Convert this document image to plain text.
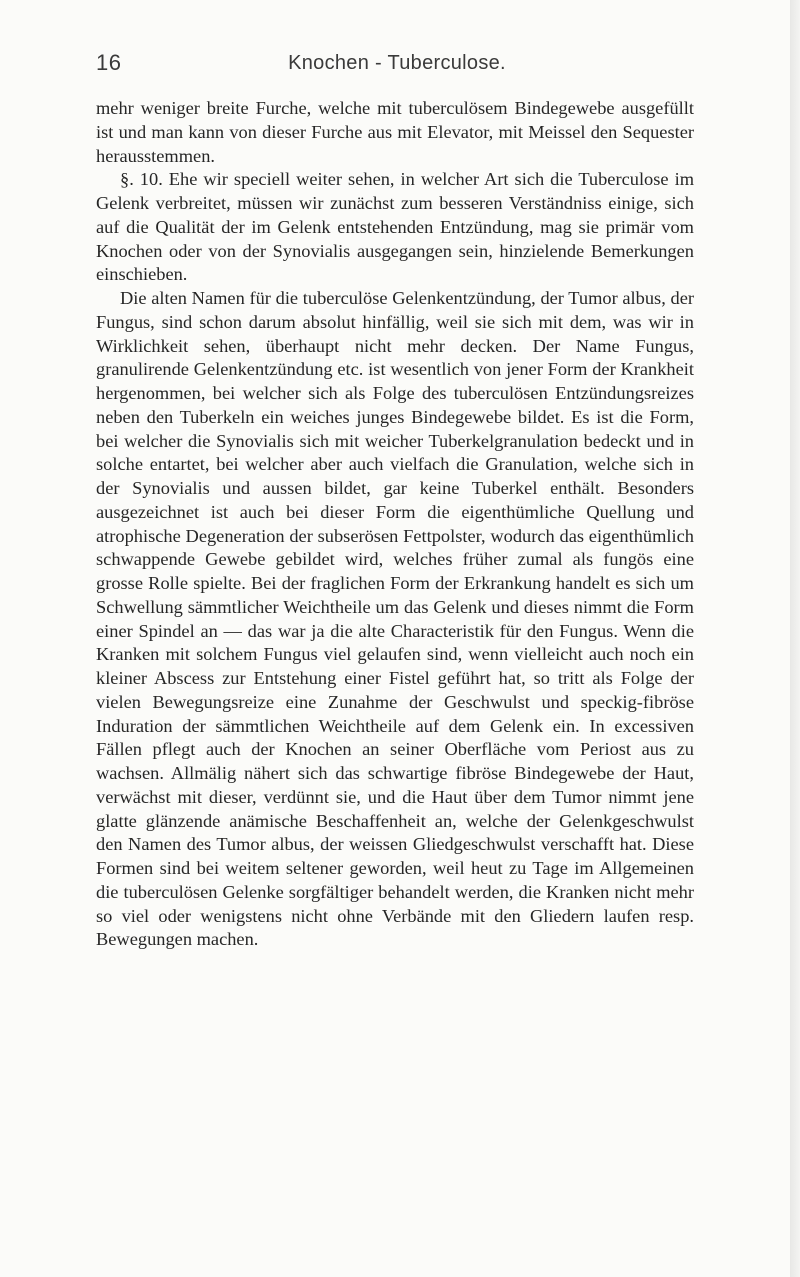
16	Knochen - Tuberculose.

mehr weniger breite Furche, welche mit tuberculösem Bindegewebe ausgefüllt ist und man kann von dieser Furche aus mit Elevator, mit Meissel den Sequester herausstemmen.

§. 10. Ehe wir speciell weiter sehen, in welcher Art sich die Tuberculose im Gelenk verbreitet, müssen wir zunächst zum besseren Verständniss einige, sich auf die Qualität der im Gelenk entstehenden Entzündung, mag sie primär vom Knochen oder von der Synovialis ausgegangen sein, hinzielende Bemerkungen einschieben.

Die alten Namen für die tuberculöse Gelenkentzündung, der Tumor albus, der Fungus, sind schon darum absolut hinfällig, weil sie sich mit dem, was wir in Wirklichkeit sehen, überhaupt nicht mehr decken. Der Name Fungus, granulirende Gelenkentzündung etc. ist wesentlich von jener Form der Krankheit hergenommen, bei welcher sich als Folge des tuberculösen Entzündungsreizes neben den Tuberkeln ein weiches junges Bindegewebe bildet. Es ist die Form, bei welcher die Synovialis sich mit weicher Tuberkelgranulation bedeckt und in solche entartet, bei welcher aber auch vielfach die Granulation, welche sich in der Synovialis und aussen bildet, gar keine Tuberkel enthält. Besonders ausgezeichnet ist auch bei dieser Form die eigenthümliche Quellung und atrophische Degeneration der subserösen Fettpolster, wodurch das eigenthümlich schwappende Gewebe gebildet wird, welches früher zumal als fungös eine grosse Rolle spielte. Bei der fraglichen Form der Erkrankung handelt es sich um Schwellung sämmtlicher Weichtheile um das Gelenk und dieses nimmt die Form einer Spindel an — das war ja die alte Characteristik für den Fungus. Wenn die Kranken mit solchem Fungus viel gelaufen sind, wenn vielleicht auch noch ein kleiner Abscess zur Entstehung einer Fistel geführt hat, so tritt als Folge der vielen Bewegungsreize eine Zunahme der Geschwulst und speckig-fibröse Induration der sämmtlichen Weichtheile auf dem Gelenk ein. In excessiven Fällen pflegt auch der Knochen an seiner Oberfläche vom Periost aus zu wachsen. Allmälig nähert sich das schwartige fibröse Bindegewebe der Haut, verwächst mit dieser, verdünnt sie, und die Haut über dem Tumor nimmt jene glatte glänzende anämische Beschaffenheit an, welche der Gelenkgeschwulst den Namen des Tumor albus, der weissen Gliedgeschwulst verschafft hat. Diese Formen sind bei weitem seltener geworden, weil heut zu Tage im Allgemeinen die tuberculösen Gelenke sorgfältiger behandelt werden, die Kranken nicht mehr so viel oder wenigstens nicht ohne Verbände mit den Gliedern laufen resp. Bewegungen machen.
